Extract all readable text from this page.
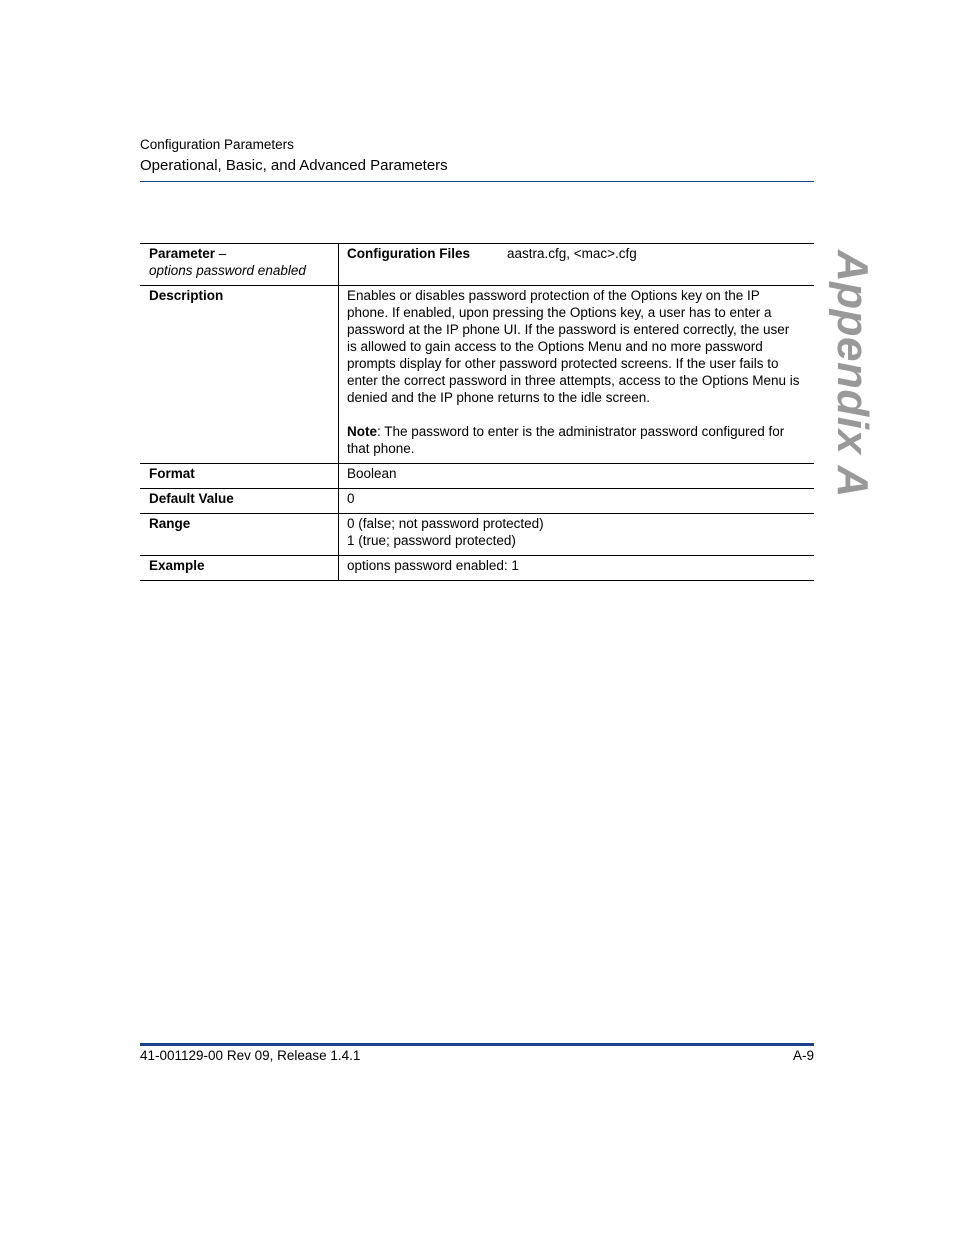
Configuration Parameters
Operational, Basic, and Advanced Parameters
Appendix A
Parameter –
options password enabled	Configuration Files aastra.cfg, <mac>.cfg
Description	Enables or disables password protection of the Options key on the IP phone. If enabled, upon pressing the Options key, a user has to enter a password at the IP phone UI. If the password is entered correctly, the user is allowed to gain access to the Options Menu and no more password prompts display for other password protected screens. If the user fails to enter the correct password in three attempts, access to the Options Menu is denied and the IP phone returns to the idle screen.
Note: The password to enter is the administrator password configured for that phone.
Format	Boolean
Default Value	0
Range	0 (false; not password protected)
1 (true; password protected)

Example	options password enabled: 1
41-001129-00 Rev 09, Release 1.4.1	A-9
